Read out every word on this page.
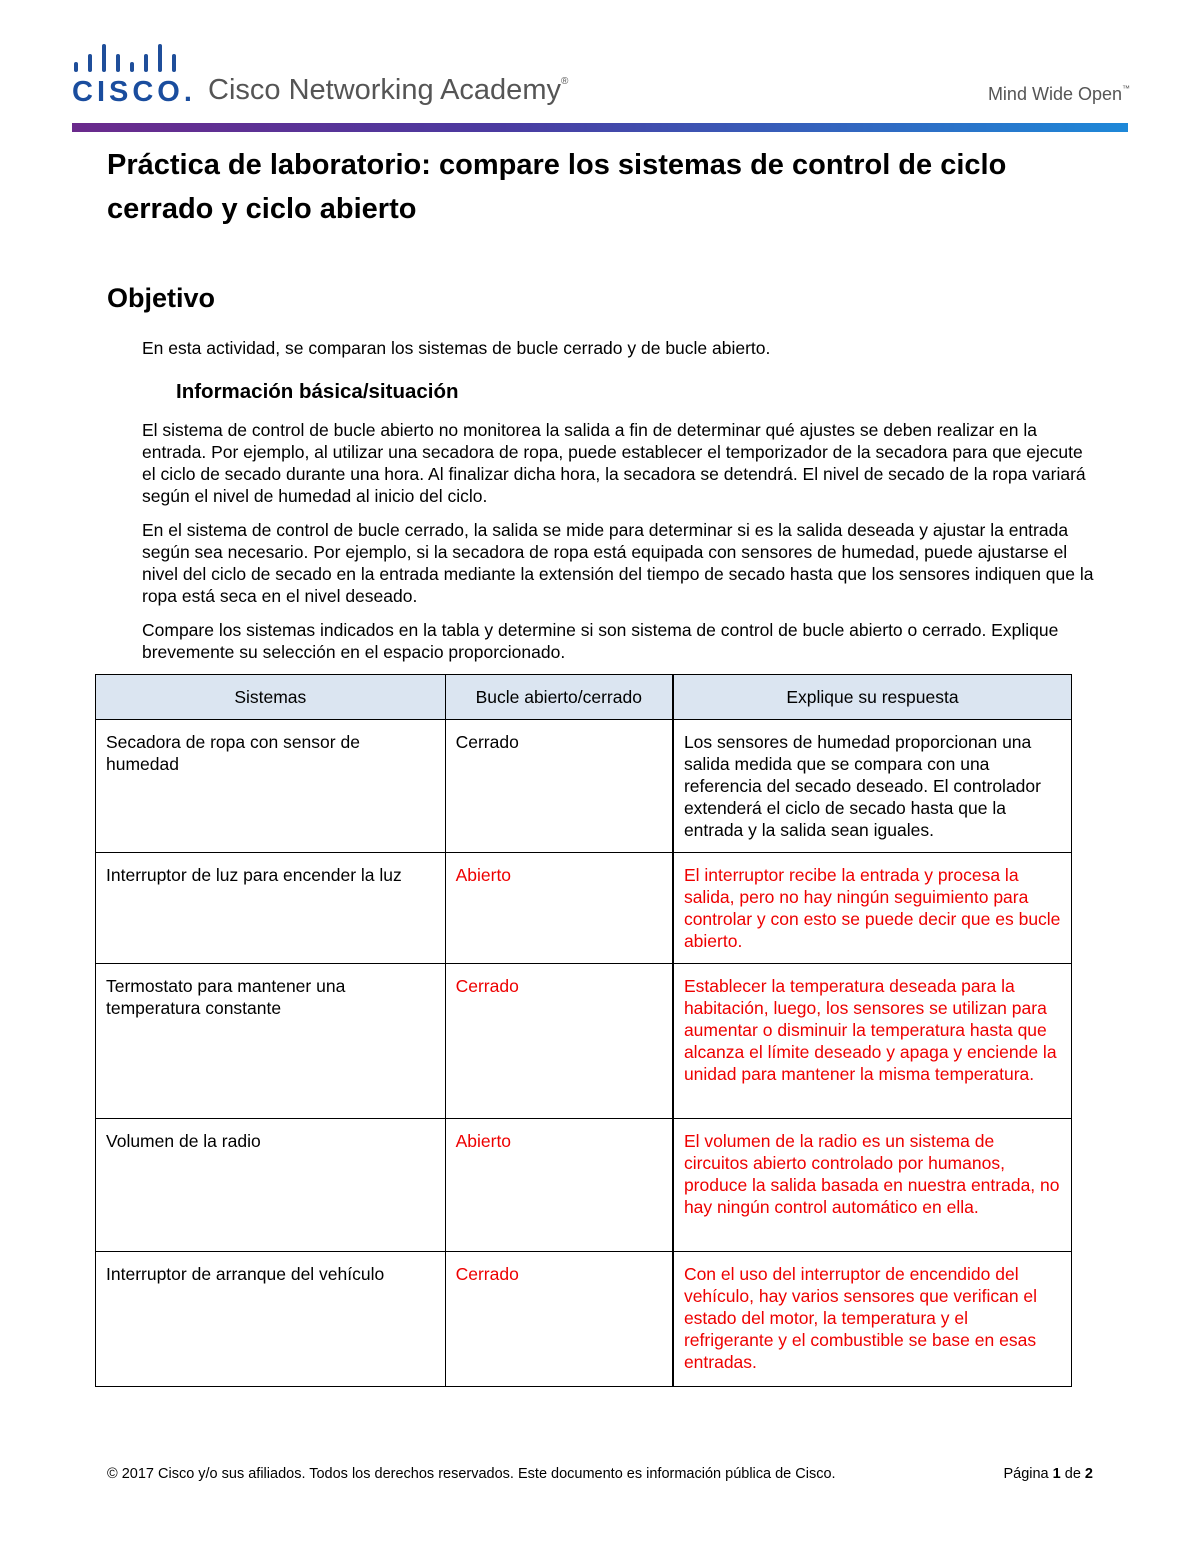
CISCO. Cisco Networking Academy®
Mind Wide Open™
Práctica de laboratorio: compare los sistemas de control de ciclo cerrado y ciclo abierto
Objetivo

En esta actividad, se comparan los sistemas de bucle cerrado y de bucle abierto.

Información básica/situación

El sistema de control de bucle abierto no monitorea la salida a fin de determinar qué ajustes se deben realizar en la entrada. Por ejemplo, al utilizar una secadora de ropa, puede establecer el temporizador de la secadora para que ejecute el ciclo de secado durante una hora. Al finalizar dicha hora, la secadora se detendrá. El nivel de secado de la ropa variará según el nivel de humedad al inicio del ciclo.

En el sistema de control de bucle cerrado, la salida se mide para determinar si es la salida deseada y ajustar la entrada según sea necesario. Por ejemplo, si la secadora de ropa está equipada con sensores de humedad, puede ajustarse el nivel del ciclo de secado en la entrada mediante la extensión del tiempo de secado hasta que los sensores indiquen que la ropa está seca en el nivel deseado.

Compare los sistemas indicados en la tabla y determine si son sistema de control de bucle abierto o cerrado. Explique brevemente su selección en el espacio proporcionado.

Sistemas	Bucle abierto/cerrado	Explique su respuesta
Secadora de ropa con sensor de humedad	Cerrado	Los sensores de humedad proporcionan una salida medida que se compara con una referencia del secado deseado. El controlador extenderá el ciclo de secado hasta que la entrada y la salida sean iguales.
Interruptor de luz para encender la luz	Abierto	El interruptor recibe la entrada y procesa la salida, pero no hay ningún seguimiento para controlar y con esto se puede decir que es bucle abierto.
Termostato para mantener una temperatura constante	Cerrado	Establecer la temperatura deseada para la habitación, luego, los sensores se utilizan para aumentar o disminuir la temperatura hasta que alcanza el límite deseado y apaga y enciende la unidad para mantener la misma temperatura.
Volumen de la radio	Abierto	El volumen de la radio es un sistema de circuitos abierto controlado por humanos, produce la salida basada en nuestra entrada, no hay ningún control automático en ella.
Interruptor de arranque del vehículo	Cerrado	Con el uso del interruptor de encendido del vehículo, hay varios sensores que verifican el estado del motor, la temperatura y el refrigerante y el combustible se base en esas entradas.
© 2017 Cisco y/o sus afiliados. Todos los derechos reservados. Este documento es información pública de Cisco.	Página 1 de 2
